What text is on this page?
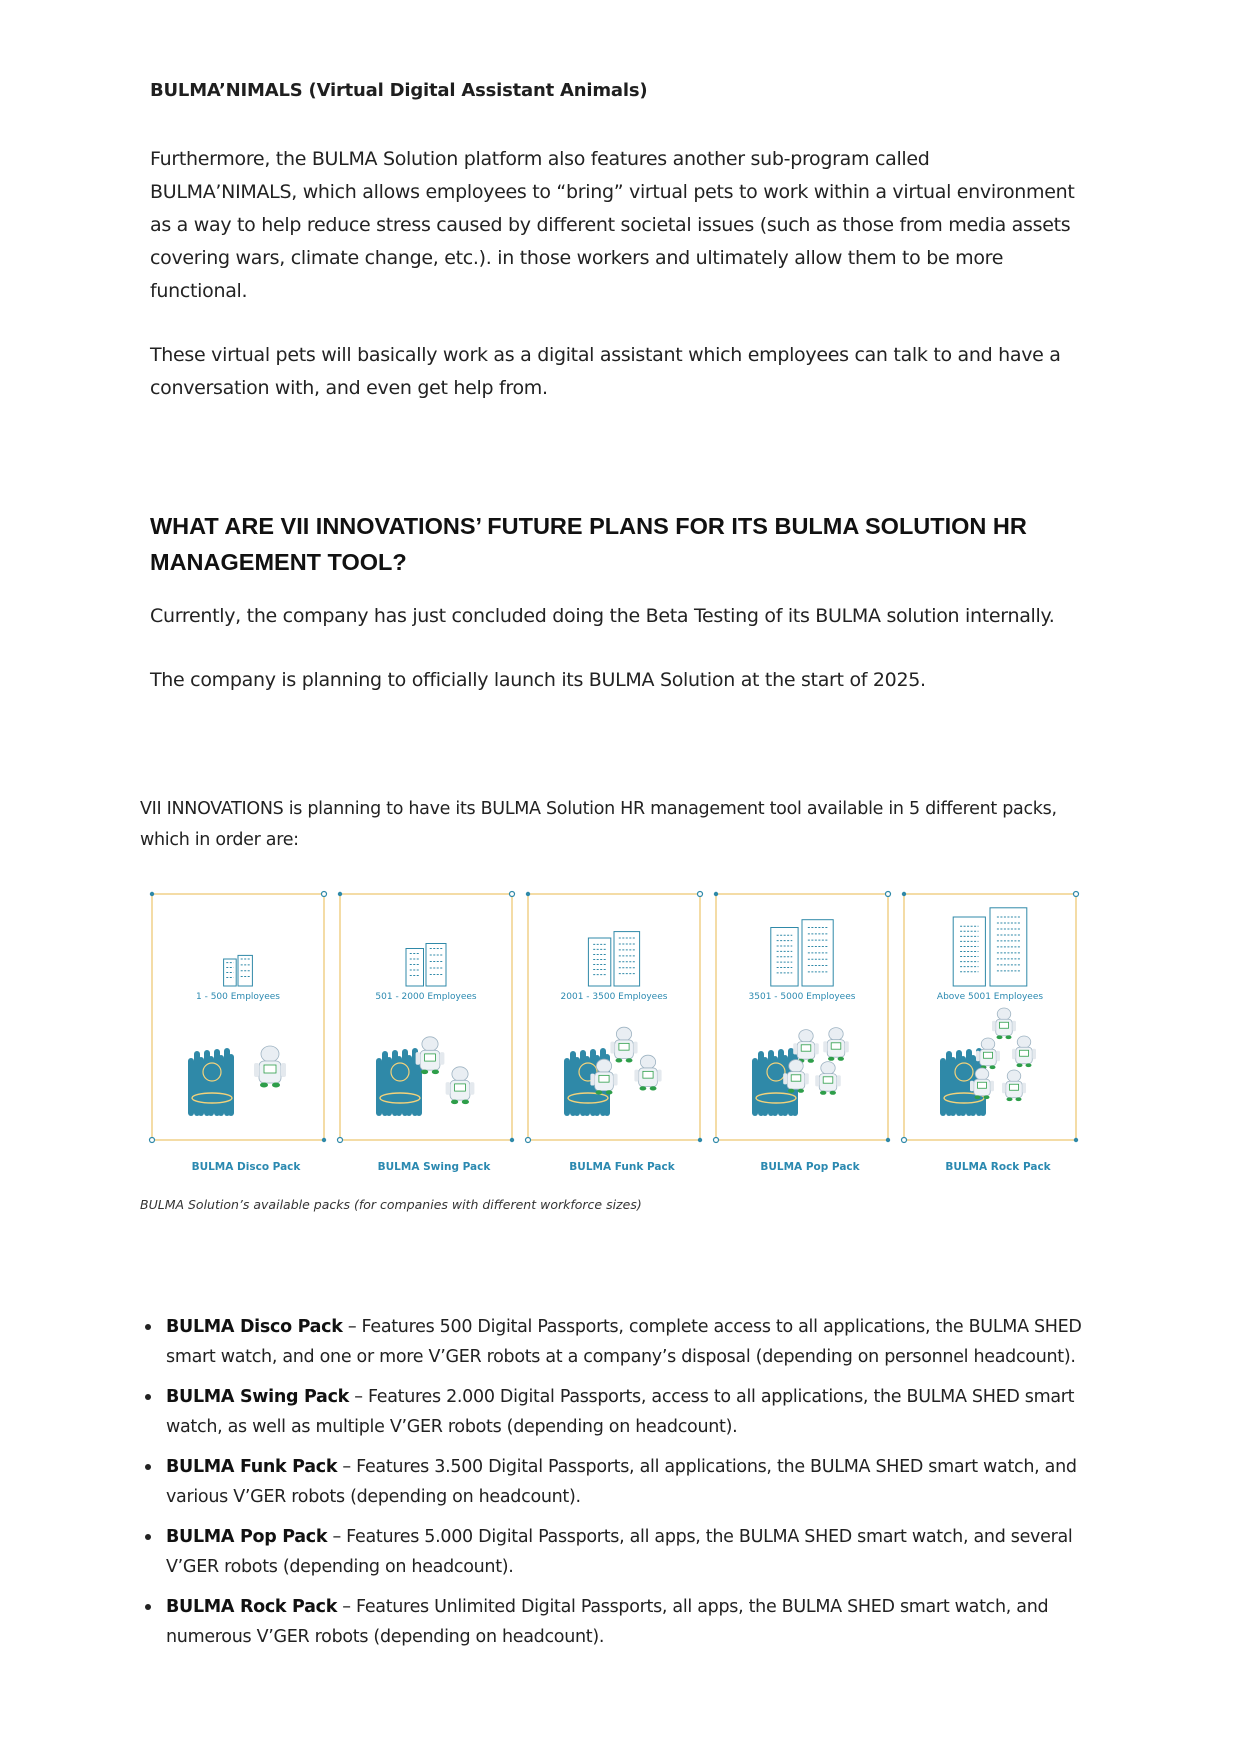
BULMA’NIMALS (Virtual Digital Assistant Animals)
Furthermore, the BULMA Solution platform also features another sub-program called
BULMA’NIMALS, which allows employees to “bring” virtual pets to work within a virtual environment
as a way to help reduce stress caused by different societal issues (such as those from media assets
covering wars, climate change, etc.). in those workers and ultimately allow them to be more
functional.
These virtual pets will basically work as a digital assistant which employees can talk to and have a
conversation with, and even get help from.
WHAT ARE VII INNOVATIONS’ FUTURE PLANS FOR ITS BULMA SOLUTION HR
MANAGEMENT TOOL?
Currently, the company has just concluded doing the Beta Testing of its BULMA solution internally.
The company is planning to officially launch its BULMA Solution at the start of 2025.
VII INNOVATIONS is planning to have its BULMA Solution HR management tool available in 5 different packs,
which in order are:
1 - 500 Employees
BULMA Disco Pack
501 - 2000 Employees
BULMA Swing Pack
2001 - 3500 Employees
BULMA Funk Pack
3501 - 5000 Employees
BULMA Pop Pack
Above 5001 Employees
BULMA Rock Pack
BULMA Solution’s available packs (for companies with different workforce sizes)
BULMA Disco Pack – Features 500 Digital Passports, complete access to all applications, the BULMA SHED smart watch, and one or more V’GER robots at a company’s disposal (depending on personnel headcount).
BULMA Swing Pack – Features 2.000 Digital Passports, access to all applications, the BULMA SHED smart watch, as well as multiple V’GER robots (depending on headcount).
BULMA Funk Pack – Features 3.500 Digital Passports, all applications, the BULMA SHED smart watch, and various V’GER robots (depending on headcount).
BULMA Pop Pack – Features 5.000 Digital Passports, all apps, the BULMA SHED smart watch, and several V’GER robots (depending on headcount).
BULMA Rock Pack – Features Unlimited Digital Passports, all apps, the BULMA SHED smart watch, and numerous V’GER robots (depending on headcount).
